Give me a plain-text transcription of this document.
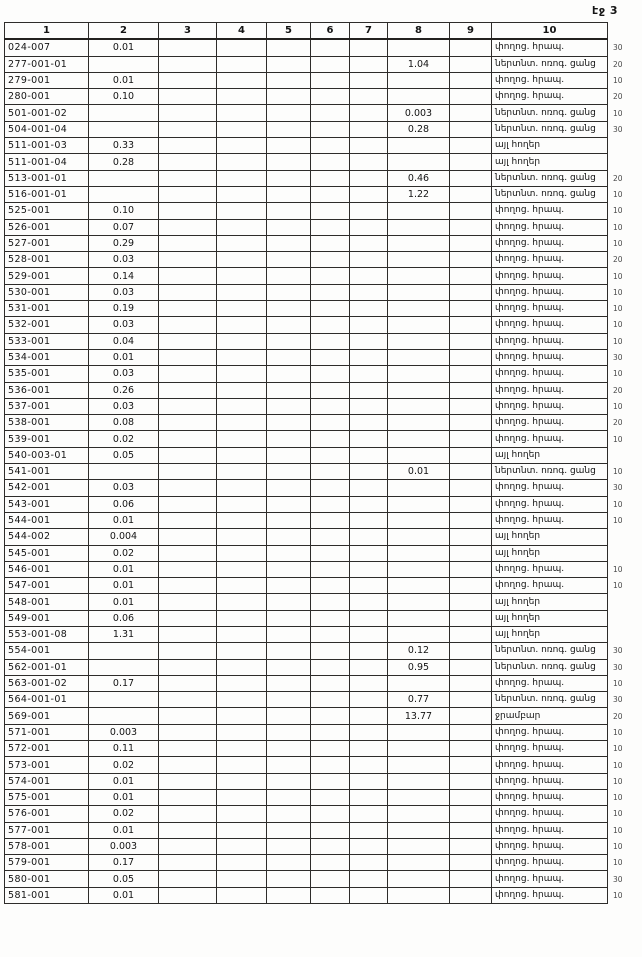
էջ 3
1	2	3	4	5	6	7	8	9	10	
024-007	0.01								փողոց. հրապ.	30
277-001-01							1.04		ներտնտ. ոռոգ. ցանց	20
279-001	0.01								փողոց. հրապ.	10
280-001	0.10								փողոց. հրապ.	20
501-001-02							0.003		ներտնտ. ոռոգ. ցանց	10
504-001-04							0.28		ներտնտ. ոռոգ. ցանց	30
511-001-03	0.33								այլ հողեր	
511-001-04	0.28								այլ հողեր	
513-001-01							0.46		ներտնտ. ոռոգ. ցանց	20
516-001-01							1.22		ներտնտ. ոռոգ. ցանց	10
525-001	0.10								փողոց. հրապ.	10
526-001	0.07								փողոց. հրապ.	10
527-001	0.29								փողոց. հրապ.	10
528-001	0.03								փողոց. հրապ.	20
529-001	0.14								փողոց. հրապ.	10
530-001	0.03								փողոց. հրապ.	10
531-001	0.19								փողոց. հրապ.	10
532-001	0.03								փողոց. հրապ.	10
533-001	0.04								փողոց. հրապ.	10
534-001	0.01								փողոց. հրապ.	30
535-001	0.03								փողոց. հրապ.	10
536-001	0.26								փողոց. հրապ.	20
537-001	0.03								փողոց. հրապ.	10
538-001	0.08								փողոց. հրապ.	20
539-001	0.02								փողոց. հրապ.	10
540-003-01	0.05								այլ հողեր	
541-001							0.01		ներտնտ. ոռոգ. ցանց	10
542-001	0.03								փողոց. հրապ.	30
543-001	0.06								փողոց. հրապ.	10
544-001	0.01								փողոց. հրապ.	10
544-002	0.004								այլ հողեր	
545-001	0.02								այլ հողեր	
546-001	0.01								փողոց. հրապ.	10
547-001	0.01								փողոց. հրապ.	10
548-001	0.01								այլ հողեր	
549-001	0.06								այլ հողեր	
553-001-08	1.31								այլ հողեր	
554-001							0.12		ներտնտ. ոռոգ. ցանց	30
562-001-01							0.95		ներտնտ. ոռոգ. ցանց	30
563-001-02	0.17								փողոց. հրապ.	10
564-001-01							0.77		ներտնտ. ոռոգ. ցանց	30
569-001							13.77		ջրամբար	20
571-001	0.003								փողոց. հրապ.	10
572-001	0.11								փողոց. հրապ.	10
573-001	0.02								փողոց. հրապ.	10
574-001	0.01								փողոց. հրապ.	10
575-001	0.01								փողոց. հրապ.	10
576-001	0.02								փողոց. հրապ.	10
577-001	0.01								փողոց. հրապ.	10
578-001	0.003								փողոց. հրապ.	10
579-001	0.17								փողոց. հրապ.	10
580-001	0.05								փողոց. հրապ.	30
581-001	0.01								փողոց. հրապ.	10
